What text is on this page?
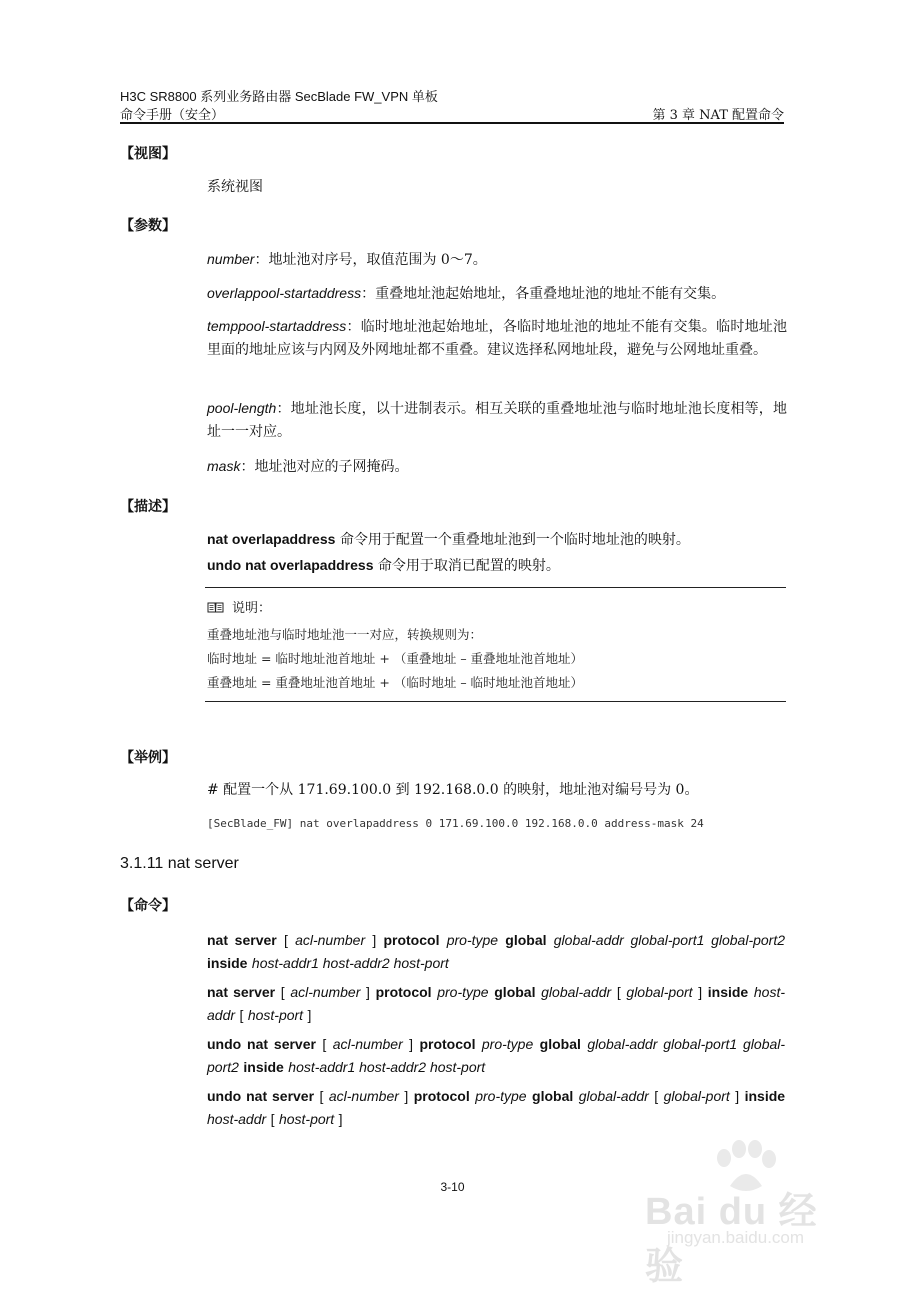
H3C SR8800 系列业务路由器 SecBlade FW_VPN 单板
命令手册（安全）	第 3 章 NAT 配置命令
【视图】
系统视图
【参数】
number：地址池对序号，取值范围为 0～7。
overlappool-startaddress：重叠地址池起始地址，各重叠地址池的地址不能有交集。
temppool-startaddress：临时地址池起始地址，各临时地址池的地址不能有交集。临时地址池里面的地址应该与内网及外网地址都不重叠。建议选择私网地址段，避免与公网地址重叠。
pool-length：地址池长度，以十进制表示。相互关联的重叠地址池与临时地址池长度相等，地址一一对应。
mask：地址池对应的子网掩码。
【描述】
nat overlapaddress 命令用于配置一个重叠地址池到一个临时地址池的映射。
undo nat overlapaddress 命令用于取消已配置的映射。
说明：
重叠地址池与临时地址池一一对应，转换规则为：
临时地址 = 临时地址池首地址 + （重叠地址 – 重叠地址池首地址）
重叠地址 = 重叠地址池首地址 + （临时地址 – 临时地址池首地址）
【举例】
# 配置一个从 171.69.100.0 到 192.168.0.0 的映射，地址池对编号号为 0。
[SecBlade_FW] nat overlapaddress 0 171.69.100.0 192.168.0.0 address-mask 24
3.1.11 nat server
【命令】
nat server [ acl-number ] protocol pro-type global global-addr global-port1 global-port2 inside host-addr1 host-addr2 host-port
nat server [ acl-number ] protocol pro-type global global-addr [ global-port ] inside host-addr [ host-port ]
undo nat server [ acl-number ] protocol pro-type global global-addr global-port1 global-port2 inside host-addr1 host-addr2 host-port
undo nat server [ acl-number ] protocol pro-type global global-addr [ global-port ] inside host-addr [ host-port ]
3-10
Bai du 经验
jingyan.baidu.com
